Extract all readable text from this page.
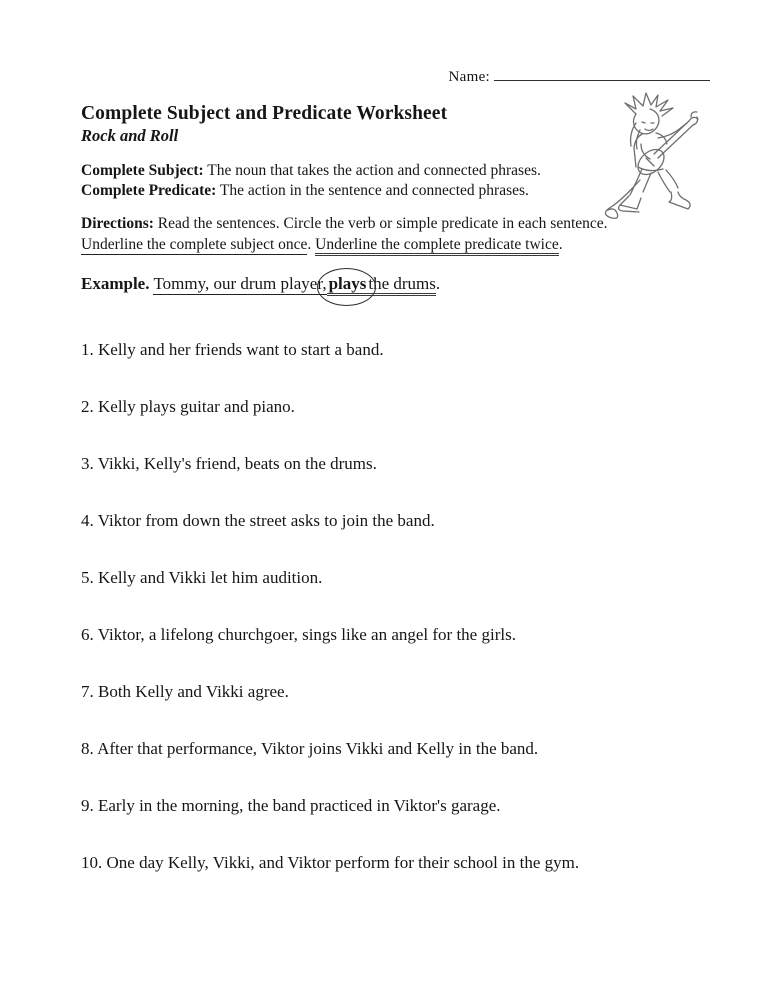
Name:
Complete Subject and Predicate Worksheet
Rock and Roll
Complete Subject: The noun that takes the action and connected phrases.
Complete Predicate: The action in the sentence and connected phrases.
Directions: Read the sentences. Circle the verb or simple predicate in each sentence.
Underline the complete subject once. Underline the complete predicate twice.
Example. Tommy, our drum player, plays the drums.
1. Kelly and her friends want to start a band.
2. Kelly plays guitar and piano.
3. Vikki, Kelly's friend, beats on the drums.
4. Viktor from down the street asks to join the band.
5. Kelly and Vikki let him audition.
6. Viktor, a lifelong churchgoer, sings like an angel for the girls.
7. Both Kelly and Vikki agree.
8. After that performance, Viktor joins Vikki and Kelly in the band.
9. Early in the morning, the band practiced in Viktor's garage.
10. One day Kelly, Vikki, and Viktor perform for their school in the gym.
